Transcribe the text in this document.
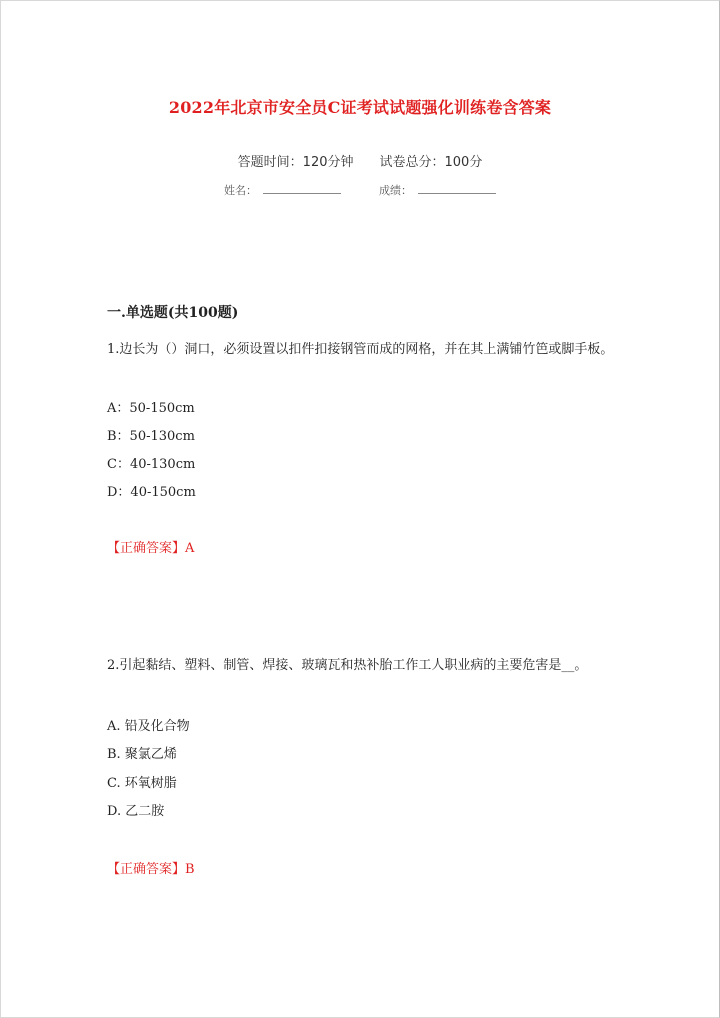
2022年北京市安全员C证考试试题强化训练卷含答案
答题时间：120分钟 试卷总分：100分
姓名：	成绩：
一.单选题(共100题)
1.边长为（）洞口，必须设置以扣件扣接钢管而成的网格，并在其上满铺竹笆或脚手板。
A：50-150cm
B：50-130cm
C：40-130cm
D：40-150cm
【正确答案】A
2.引起黏结、塑料、制管、焊接、玻璃瓦和热补胎工作工人职业病的主要危害是__。
A. 铅及化合物
B. 聚氯乙烯
C. 环氧树脂
D. 乙二胺
【正确答案】B
